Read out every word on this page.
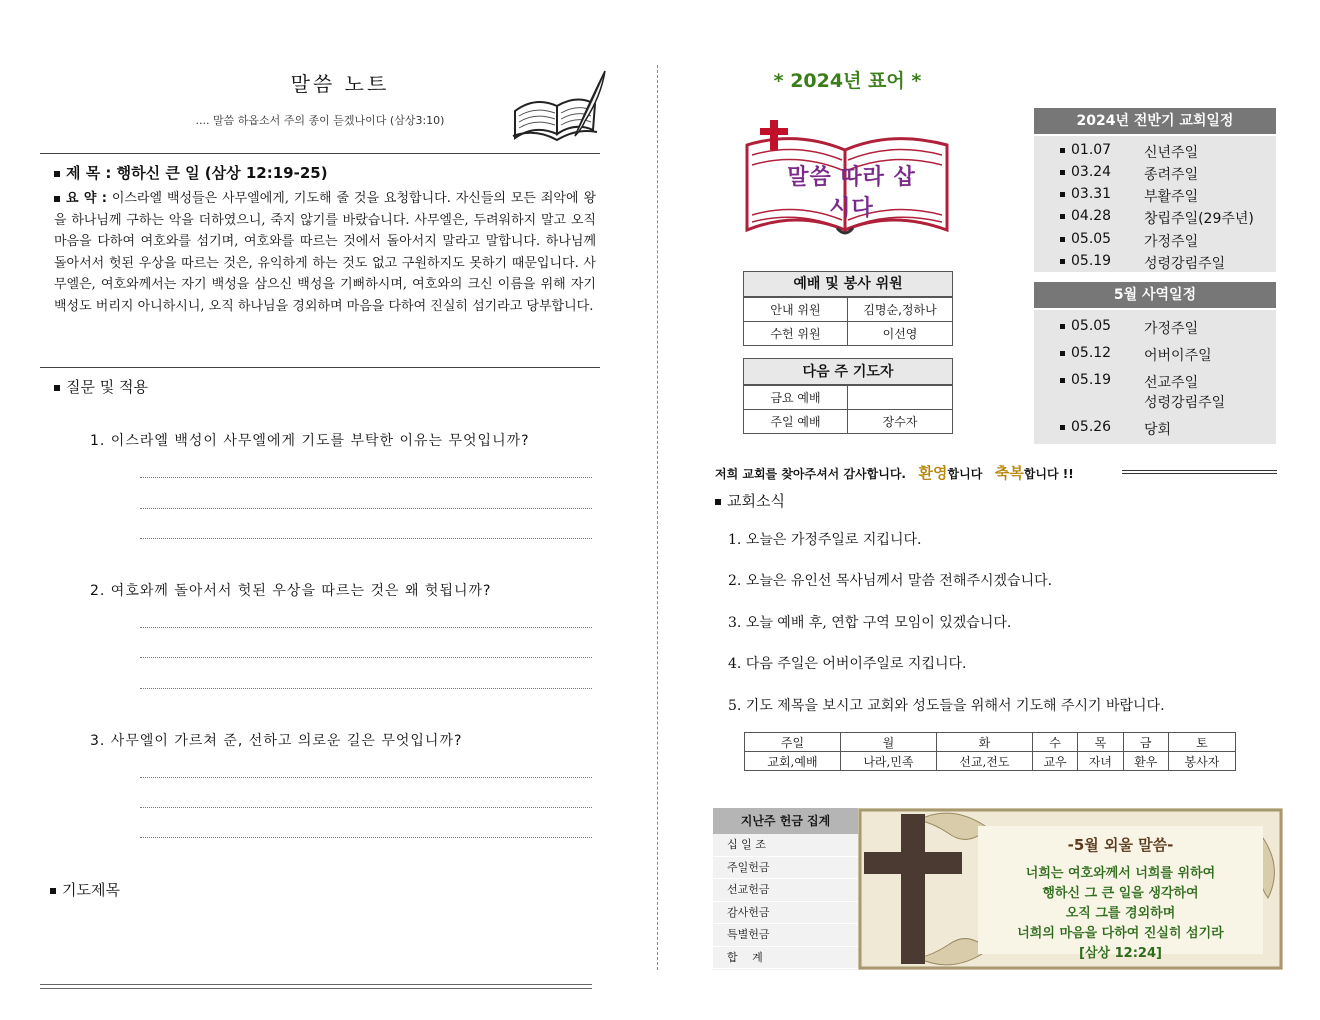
말씀 노트
.... 말씀 하옵소서 주의 종이 듣겠나이다 (삼상3:10)
제 목 : 행하신 큰 일 (삼상 12:19-25)
요 약 : 이스라엘 백성들은 사무엘에게, 기도해 줄 것을 요청합니다. 자신들의 모든 죄악에 왕을 하나님께 구하는 악을 더하였으니, 죽지 않기를 바랐습니다. 사무엘은, 두려워하지 말고 오직 마음을 다하여 여호와를 섬기며, 여호와를 따르는 것에서 돌아서지 말라고 말합니다. 하나님께 돌아서서 헛된 우상을 따르는 것은, 유익하게 하는 것도 없고 구원하지도 못하기 때문입니다. 사무엘은, 여호와께서는 자기 백성을 삼으신 백성을 기뻐하시며, 여호와의 크신 이름을 위해 자기 백성도 버리지 아니하시니, 오직 하나님을 경외하며 마음을 다하여 진실히 섬기라고 당부합니다.
질문 및 적용
1. 이스라엘 백성이 사무엘에게 기도를 부탁한 이유는 무엇입니까?
2. 여호와께 돌아서서 헛된 우상을 따르는 것은 왜 헛됩니까?
3. 사무엘이 가르쳐 준, 선하고 의로운 길은 무엇입니까?
기도제목
* 2024년 표어 *
말씀 따라 삽시다
2024년 전반기 교회일정
01.07	신년주일
03.24	종려주일
03.31	부활주일
04.28	창립주일(29주년)
05.05	가정주일
05.19	성령강림주일
5월 사역일정
05.05	가정주일
05.12	어버이주일
05.19	선교주일
성령강림주일
05.26	당회
예배 및 봉사 위원
안내 위원	김명순,정하나
수헌 위원	이선영
다음 주 기도자
금요 예배	
주일 예배	장수자
저희 교회를 찾아주셔서 감사합니다. 환영합니다 축복합니다 !!
교회소식
1. 오늘은 가정주일로 지킵니다.
2. 오늘은 유인선 목사님께서 말씀 전해주시겠습니다.
3. 오늘 예배 후, 연합 구역 모임이 있겠습니다.
4. 다음 주일은 어버이주일로 지킵니다.
5. 기도 제목을 보시고 교회와 성도들을 위해서 기도해 주시기 바랍니다.
주일	월	화	수	목	금	토
교회,예배	나라,민족	선교,전도	교우	자녀	환우	봉사자
지난주 헌금 집계
십 일 조
주일헌금
선교헌금
감사헌금
특별헌금
합　 계
-5월 외울 말씀-
너희는 여호와께서 너희를 위하여
행하신 그 큰 일을 생각하여
오직 그를 경외하며
너희의 마음을 다하여 진실히 섬기라
[삼상 12:24]
